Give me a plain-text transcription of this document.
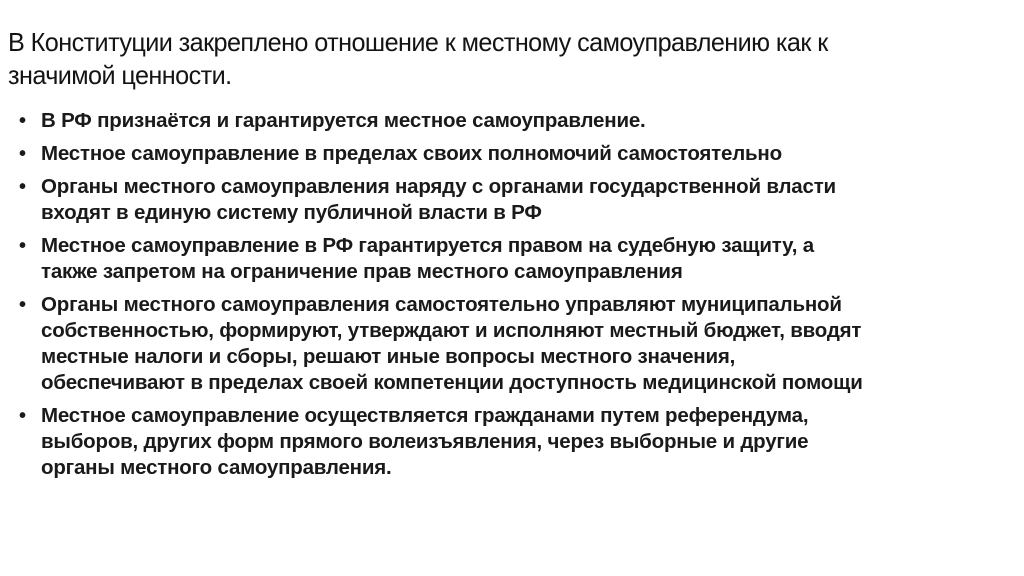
В Конституции закреплено отношение к местному самоуправлению как к
значимой ценности.
• В РФ признаётся и гарантируется местное самоуправление.
• Местное самоуправление в пределах своих полномочий самостоятельно
• Органы местного самоуправления наряду с органами государственной власти
входят в единую систему публичной власти в РФ
• Местное самоуправление в РФ гарантируется правом на судебную защиту, а
также запретом на ограничение прав местного самоуправления
• Органы местного самоуправления самостоятельно управляют муниципальной
собственностью, формируют, утверждают и исполняют местный бюджет, вводят
местные налоги и сборы, решают иные вопросы местного значения,
обеспечивают в пределах своей компетенции доступность медицинской помощи
• Местное самоуправление осуществляется гражданами путем референдума,
выборов, других форм прямого волеизъявления, через выборные и другие
органы местного самоуправления.
